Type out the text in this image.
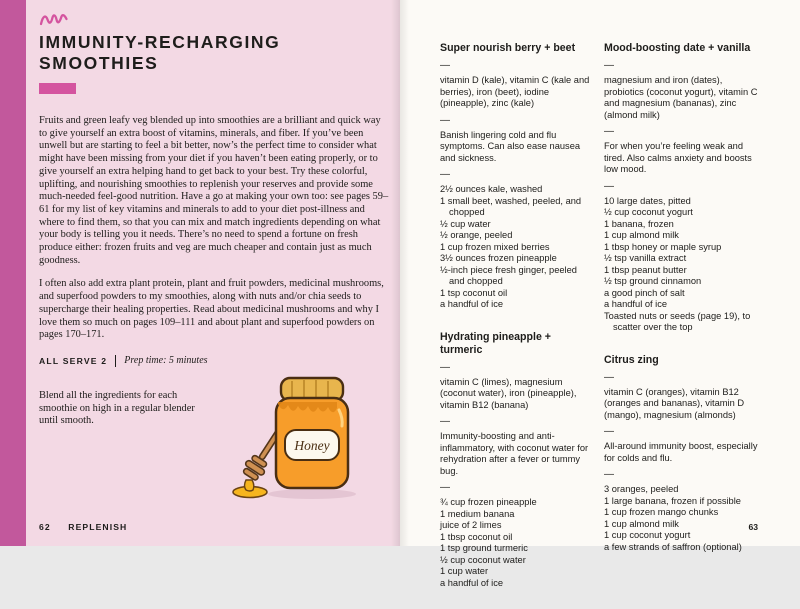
IMMUNITY-RECHARGING
SMOOTHIES

Fruits and green leafy veg blended up into smoothies are a brilliant and quick way to give yourself an extra boost of vitamins, minerals, and fiber. If you’ve been unwell but are starting to feel a bit better, now’s the perfect time to consider what might have been missing from your diet if you haven’t been eating properly, or to give yourself an extra helping hand to get back to your best. Try these colorful, uplifting, and nourishing smoothies to replenish your reserves and provide some much-needed feel-good nutrition. Have a go at making your own too: see pages 59–61 for my list of key vitamins and minerals to add to your diet post-illness and where to find them, so that you can mix and match ingredients depending on what your body is telling you it needs. There’s no need to spend a fortune on fresh produce either: frozen fruits and veg are much cheaper and contain just as much goodness.

I often also add extra plant protein, plant and fruit powders, medicinal mushrooms, and superfood powders to my smoothies, along with nuts and/or chia seeds to supercharge their healing properties. Read about medicinal mushrooms and why I love them so much on pages 109–111 and about plant and superfood powders on pages 170–171.

ALL SERVE 2 Prep time: 5 minutes

Blend all the ingredients for each smoothie on high in a regular blender until smooth.

Honey
62 REPLENISH
Super nourish berry + beet
—

vitamin D (kale), vitamin C (kale and berries), iron (beet), iodine (pineapple), zinc (kale)

—

Banish lingering cold and flu symptoms. Can also ease nausea and sickness.

—
2½ ounces kale, washed
1 small beet, washed, peeled, and chopped
½ cup water
½ orange, peeled
1 cup frozen mixed berries
3½ ounces frozen pineapple
½-inch piece fresh ginger, peeled and chopped
1 tsp coconut oil
a handful of ice
Hydrating pineapple + turmeric
—

vitamin C (limes), magnesium (coconut water), iron (pineapple), vitamin B12 (banana)

—

Immunity-boosting and anti-inflammatory, with coconut water for rehydration after a fever or tummy bug.

—
¾ cup frozen pineapple
1 medium banana
juice of 2 limes
1 tbsp coconut oil
1 tsp ground turmeric
½ cup coconut water
1 cup water
a handful of ice
Mood-boosting date + vanilla
—

magnesium and iron (dates), probiotics (coconut yogurt), vitamin C and magnesium (bananas), zinc (almond milk)

—

For when you’re feeling weak and tired. Also calms anxiety and boosts low mood.

—
10 large dates, pitted
½ cup coconut yogurt
1 banana, frozen
1 cup almond milk
1 tbsp honey or maple syrup
½ tsp vanilla extract
1 tbsp peanut butter
½ tsp ground cinnamon
a good pinch of salt
a handful of ice
Toasted nuts or seeds (page 19), to scatter over the top
Citrus zing
—

vitamin C (oranges), vitamin B12 (oranges and bananas), vitamin D (mango), magnesium (almonds)

—

All-around immunity boost, especially for colds and flu.

—
3 oranges, peeled
1 large banana, frozen if possible
1 cup frozen mango chunks
1 cup almond milk
1 cup coconut yogurt
a few strands of saffron (optional)
63
